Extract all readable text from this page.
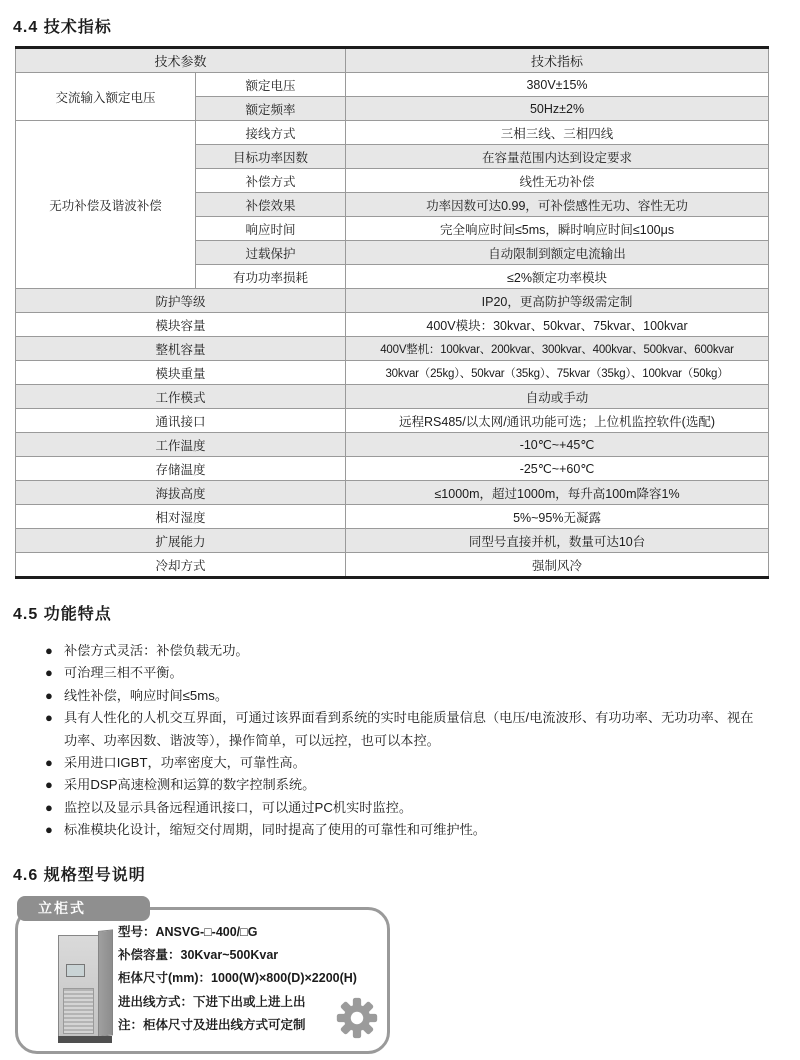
4.4 技术指标
技术参数		技术指标
交流输入额定电压	额定电压	380V±15%
	额定频率	50Hz±2%
无功补偿及谐波补偿	接线方式	三相三线、三相四线
	目标功率因数	在容量范围内达到设定要求
	补偿方式	线性无功补偿
	补偿效果	功率因数可达0.99，可补偿感性无功、容性无功
	响应时间	完全响应时间≤5ms，瞬时响应时间≤100μs
	过载保护	自动限制到额定电流输出
	有功功率损耗	≤2%额定功率模块
防护等级		IP20，更高防护等级需定制
模块容量		400V模块：30kvar、50kvar、75kvar、100kvar
整机容量		400V整机：100kvar、200kvar、300kvar、400kvar、500kvar、600kvar
模块重量		30kvar（25kg）、50kvar（35kg）、75kvar（35kg）、100kvar（50kg）
工作模式		自动或手动
通讯接口		远程RS485/以太网/通讯功能可选；上位机监控软件(选配)
工作温度		-10℃~+45℃
存储温度		-25℃~+60℃
海拔高度		≤1000m，超过1000m，每升高100m降容1%
相对湿度		5%~95%无凝露
扩展能力		同型号直接并机，数量可达10台
冷却方式		强制风冷
4.5 功能特点
● 补偿方式灵活：补偿负载无功。
● 可治理三相不平衡。
● 线性补偿，响应时间≤5ms。
● 具有人性化的人机交互界面，可通过该界面看到系统的实时电能质量信息（电压/电流波形、有功功率、无功功率、视在功率、功率因数、谐波等），操作简单，可以远控，也可以本控。
● 采用进口IGBT，功率密度大，可靠性高。
● 采用DSP高速检测和运算的数字控制系统。
● 监控以及显示具备远程通讯接口，可以通过PC机实时监控。
● 标准模块化设计，缩短交付周期，同时提高了使用的可靠性和可维护性。
4.6 规格型号说明
立柜式
型号：ANSVG-□-400/□G
补偿容量：30Kvar~500Kvar
柜体尺寸(mm)：1000(W)×800(D)×2200(H)
进出线方式：下进下出或上进上出
注：柜体尺寸及进出线方式可定制
